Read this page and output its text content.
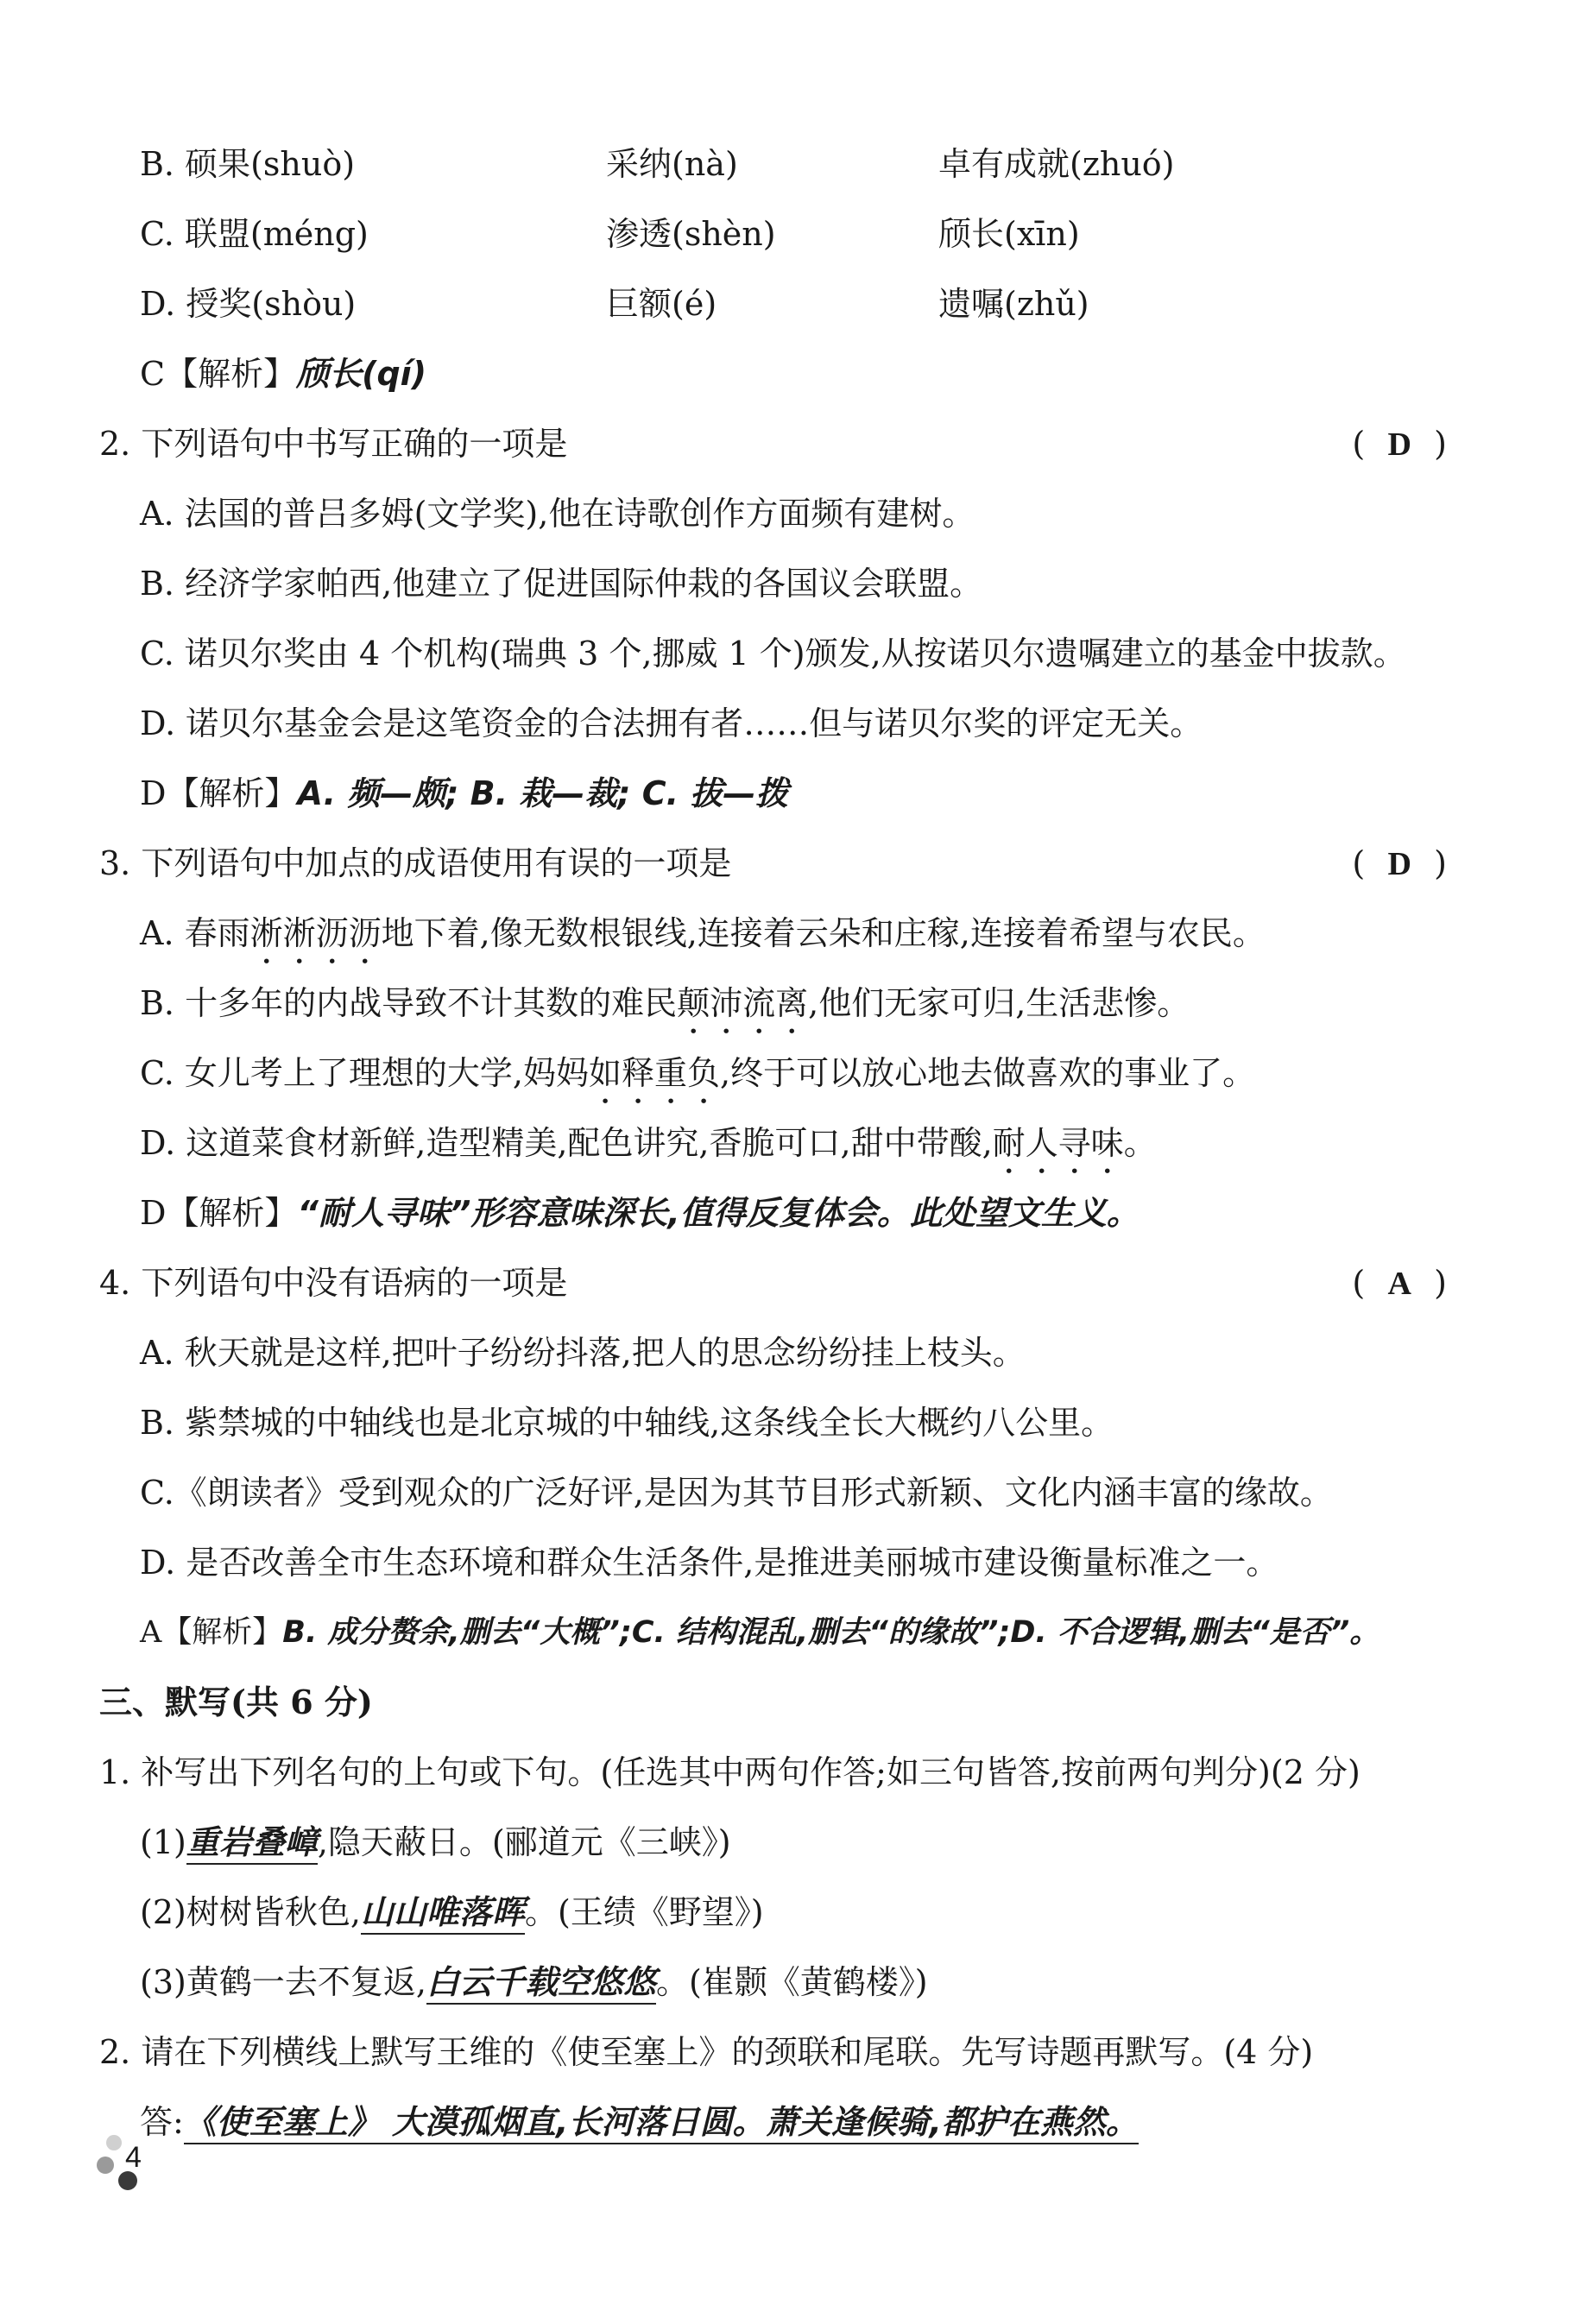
B. 硕果(shuò)	采纳(nà)	卓有成就(zhuó)
C. 联盟(méng)	渗透(shèn)	颀长(xīn)
D. 授奖(shòu)	巨额(é)	遗嘱(zhǔ)
C【解析】颀长(qí)
2. 下列语句中书写正确的一项是	( D )
A. 法国的普吕多姆(文学奖),他在诗歌创作方面频有建树。
B. 经济学家帕西,他建立了促进国际仲栽的各国议会联盟。
C. 诺贝尔奖由 4 个机构(瑞典 3 个,挪威 1 个)颁发,从按诺贝尔遗嘱建立的基金中拔款。
D. 诺贝尔基金会是这笔资金的合法拥有者……但与诺贝尔奖的评定无关。
D【解析】A. 频—颇; B. 栽—裁; C. 拔—拨
3. 下列语句中加点的成语使用有误的一项是	( D )
A. 春雨淅淅沥沥地下着,像无数根银线,连接着云朵和庄稼,连接着希望与农民。
B. 十多年的内战导致不计其数的难民颠沛流离,他们无家可归,生活悲惨。
C. 女儿考上了理想的大学,妈妈如释重负,终于可以放心地去做喜欢的事业了。
D. 这道菜食材新鲜,造型精美,配色讲究,香脆可口,甜中带酸,耐人寻味。
D【解析】“耐人寻味”形容意味深长,值得反复体会。此处望文生义。
4. 下列语句中没有语病的一项是	( A )
A. 秋天就是这样,把叶子纷纷抖落,把人的思念纷纷挂上枝头。
B. 紫禁城的中轴线也是北京城的中轴线,这条线全长大概约八公里。
C.《朗读者》受到观众的广泛好评,是因为其节目形式新颖、文化内涵丰富的缘故。
D. 是否改善全市生态环境和群众生活条件,是推进美丽城市建设衡量标准之一。
A【解析】B. 成分赘余,删去“大概”;C. 结构混乱,删去“的缘故”;D. 不合逻辑,删去“是否”。
三、默写(共 6 分)
1. 补写出下列名句的上句或下句。(任选其中两句作答;如三句皆答,按前两句判分)(2 分)
(1)重岩叠嶂,隐天蔽日。(郦道元《三峡》)
(2)树树皆秋色,山山唯落晖。(王绩《野望》)
(3)黄鹤一去不复返,白云千载空悠悠。(崔颢《黄鹤楼》)
2. 请在下列横线上默写王维的《使至塞上》的颈联和尾联。先写诗题再默写。(4 分)
答:《使至塞上》 大漠孤烟直,长河落日圆。萧关逢候骑,都护在燕然。
4
